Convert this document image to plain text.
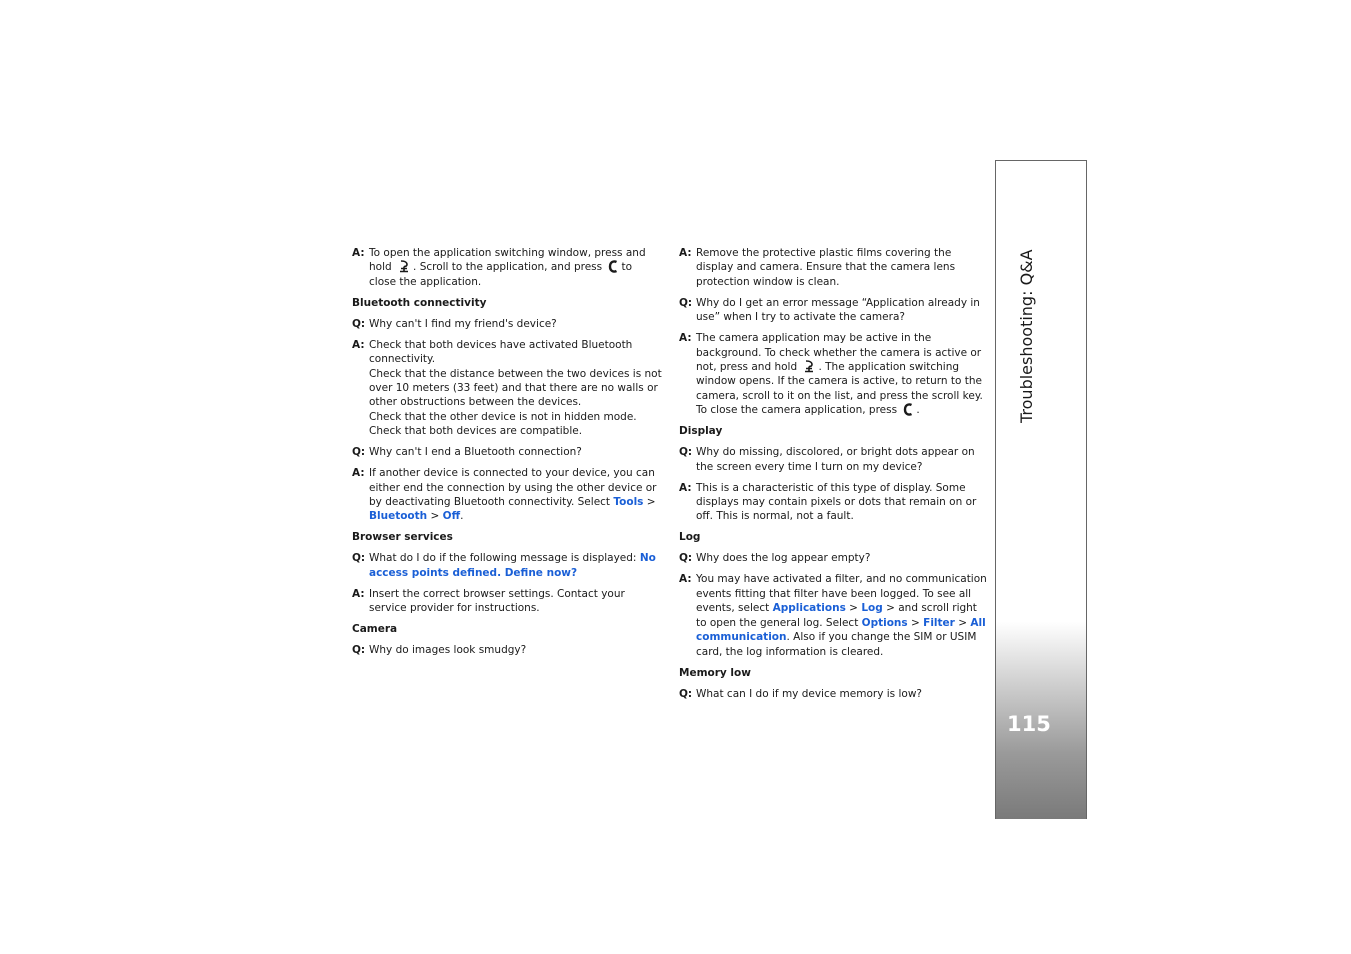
A: To open the application switching window, press and hold . Scroll to the application, and press to close the application.

Bluetooth connectivity

Q: Why can't I find my friend's device?

A: Check that both devices have activated Bluetooth connectivity.
Check that the distance between the two devices is not over 10 meters (33 feet) and that there are no walls or other obstructions between the devices.
Check that the other device is not in hidden mode.
Check that both devices are compatible.

Q: Why can't I end a Bluetooth connection?

A: If another device is connected to your device, you can either end the connection by using the other device or by deactivating Bluetooth connectivity. Select Tools > Bluetooth > Off.

Browser services

Q: What do I do if the following message is displayed: No access points defined. Define now?

A: Insert the correct browser settings. Contact your service provider for instructions.

Camera

Q: Why do images look smudgy?

A: Remove the protective plastic films covering the display and camera. Ensure that the camera lens protection window is clean.

Q: Why do I get an error message “Application already in use” when I try to activate the camera?

A: The camera application may be active in the background. To check whether the camera is active or not, press and hold . The application switching window opens. If the camera is active, to return to the camera, scroll to it on the list, and press the scroll key. To close the camera application, press .

Display

Q: Why do missing, discolored, or bright dots appear on the screen every time I turn on my device?

A: This is a characteristic of this type of display. Some displays may contain pixels or dots that remain on or off. This is normal, not a fault.

Log

Q: Why does the log appear empty?

A: You may have activated a filter, and no communication events fitting that filter have been logged. To see all events, select Applications > Log > and scroll right to open the general log. Select Options > Filter > All communication. Also if you change the SIM or USIM card, the log information is cleared.

Memory low

Q: What can I do if my device memory is low?

Troubleshooting: Q&A
115
